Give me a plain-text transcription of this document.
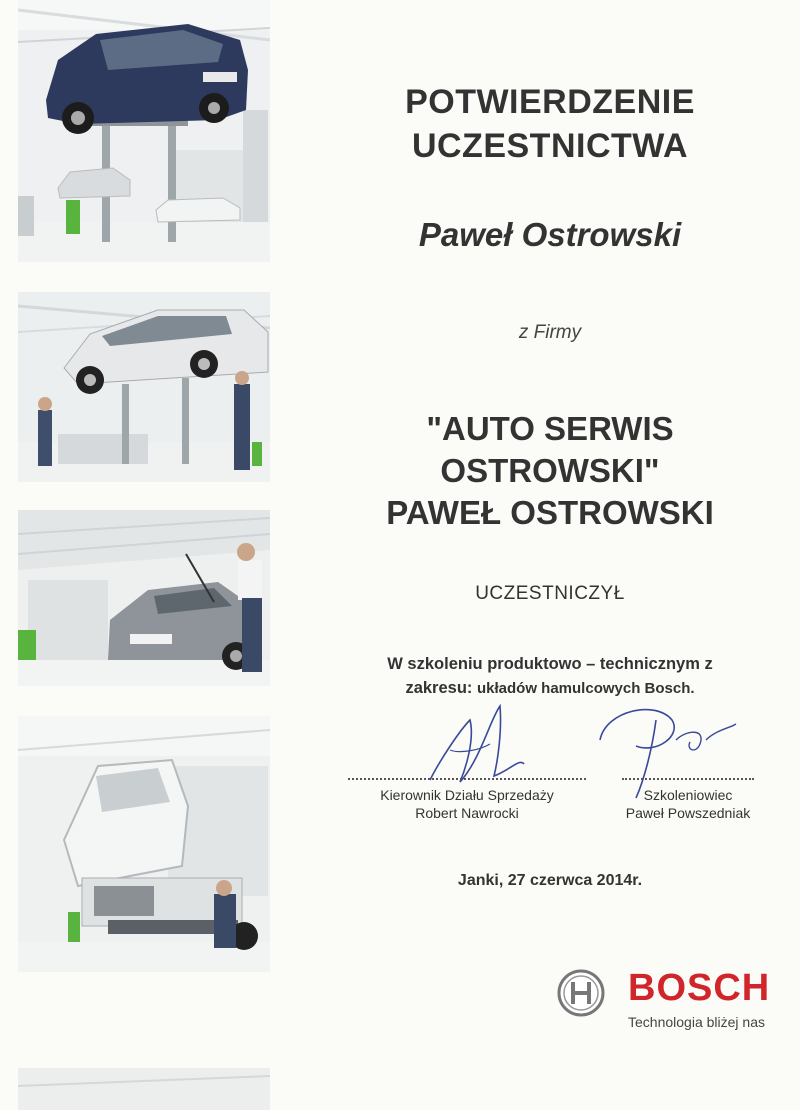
POTWIERDZENIE
UCZESTNICTWA
Paweł Ostrowski
z Firmy
"AUTO SERWIS
OSTROWSKI"
PAWEŁ OSTROWSKI
UCZESTNICZYŁ
W szkoleniu produktowo – technicznym z
zakresu: układów hamulcowych Bosch.
Kierownik Działu Sprzedaży
Robert Nawrocki
Szkoleniowiec
Paweł Powszedniak
Janki, 27 czerwca 2014r.
BOSCH
Technologia bliżej nas
